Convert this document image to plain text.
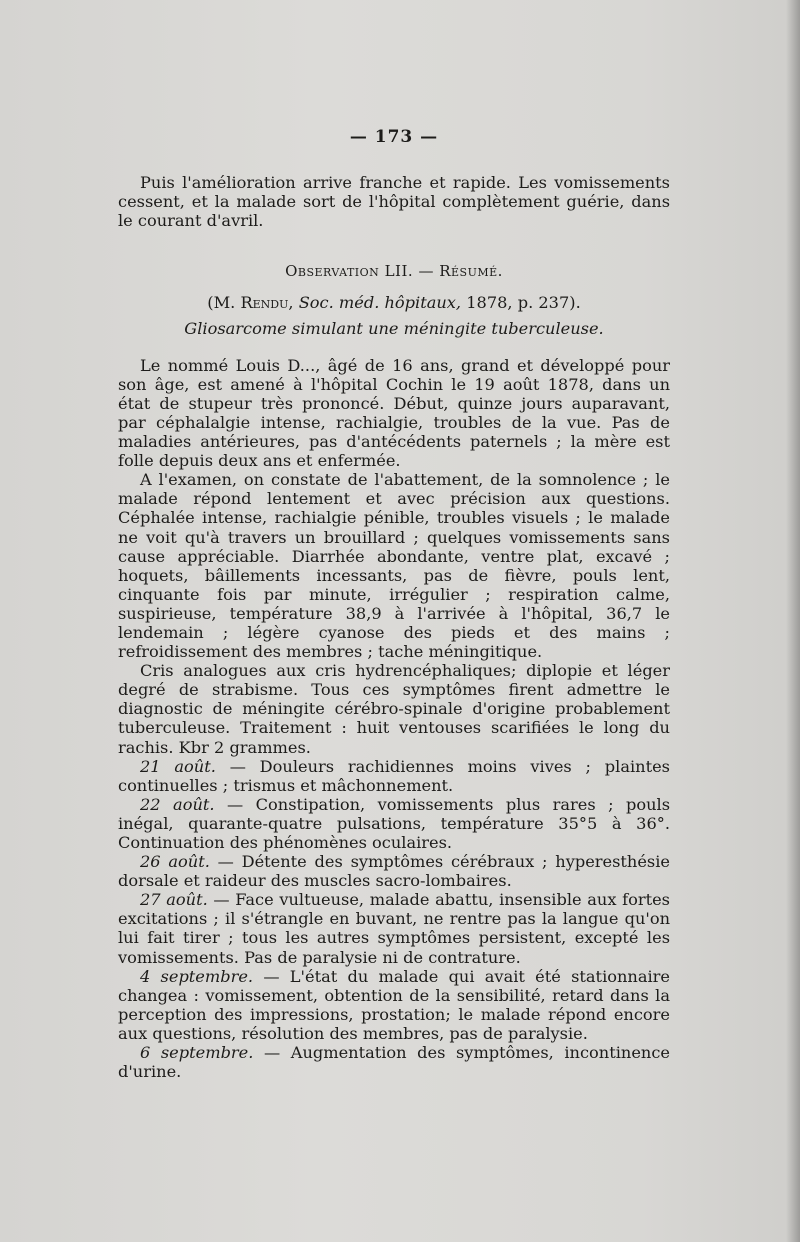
— 173 —

Puis l'amélioration arrive franche et rapide. Les vomissements cessent, et la malade sort de l'hôpital complètement guérie, dans le courant d'avril.

Observation LII. — Résumé.
(M. Rendu, Soc. méd. hôpitaux, 1878, p. 237).
Gliosarcome simulant une méningite tuberculeuse.

Le nommé Louis D..., âgé de 16 ans, grand et développé pour son âge, est amené à l'hôpital Cochin le 19 août 1878, dans un état de stupeur très prononcé. Début, quinze jours auparavant, par céphalalgie intense, rachialgie, troubles de la vue. Pas de maladies antérieures, pas d'antécédents paternels ; la mère est folle depuis deux ans et enfermée.

A l'examen, on constate de l'abattement, de la somnolence ; le malade répond lentement et avec précision aux questions. Céphalée intense, rachialgie pénible, troubles visuels ; le malade ne voit qu'à travers un brouillard ; quelques vomissements sans cause appréciable. Diarrhée abondante, ventre plat, excavé ; hoquets, bâillements incessants, pas de fièvre, pouls lent, cinquante fois par minute, irrégulier ; respiration calme, suspirieuse, température 38,9 à l'arrivée à l'hôpital, 36,7 le lendemain ; légère cyanose des pieds et des mains ; refroidissement des membres ; tache méningitique.

Cris analogues aux cris hydrencéphaliques; diplopie et léger degré de strabisme. Tous ces symptômes firent admettre le diagnostic de méningite cérébro-spinale d'origine probablement tuberculeuse. Traitement : huit ventouses scarifiées le long du rachis. Kbr 2 grammes.

21 août. — Douleurs rachidiennes moins vives ; plaintes continuelles ; trismus et mâchonnement.

22 août. — Constipation, vomissements plus rares ; pouls inégal, quarante-quatre pulsations, température 35°5 à 36°. Continuation des phénomènes oculaires.

26 août. — Détente des symptômes cérébraux ; hyperesthésie dorsale et raideur des muscles sacro-lombaires.

27 août. — Face vultueuse, malade abattu, insensible aux fortes excitations ; il s'étrangle en buvant, ne rentre pas la langue qu'on lui fait tirer ; tous les autres symptômes persistent, excepté les vomissements. Pas de paralysie ni de contrature.

4 septembre. — L'état du malade qui avait été stationnaire changea : vomissement, obtention de la sensibilité, retard dans la perception des impressions, prostation; le malade répond encore aux questions, résolution des membres, pas de paralysie.

6 septembre. — Augmentation des symptômes, incontinence d'urine.
